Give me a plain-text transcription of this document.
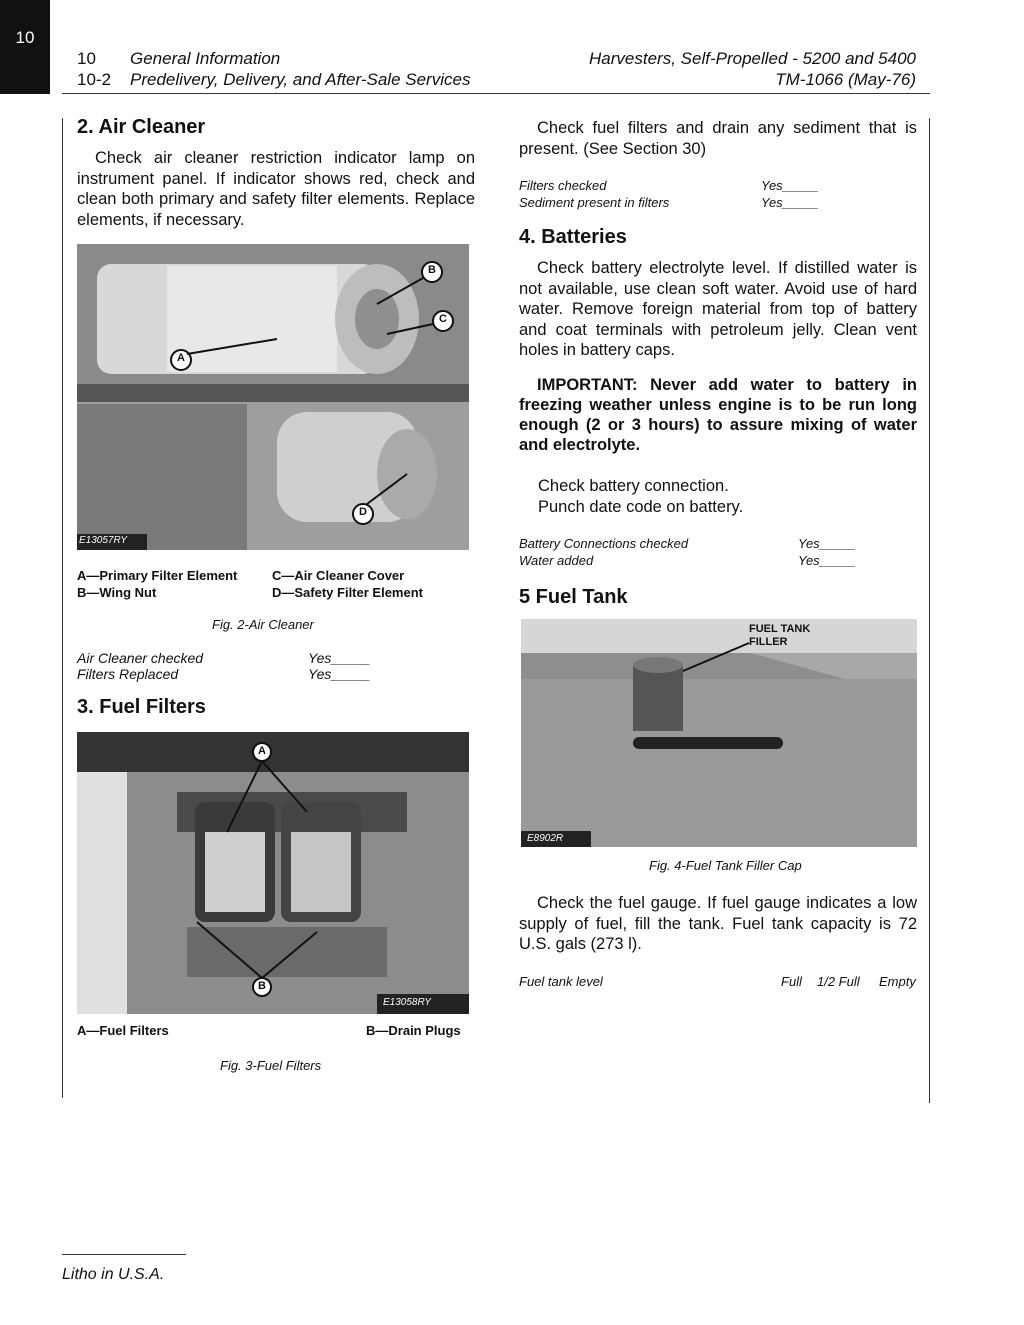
10
10 General Information
10-2 Predelivery, Delivery, and After-Sale Services
Harvesters, Self-Propelled - 5200 and 5400
TM-1066 (May-76)
2. Air Cleaner
Check air cleaner restriction indicator lamp on instrument panel. If indicator shows red, check and clean both primary and safety filter elements. Replace elements, if necessary.
B
C
A
D
E13057RY
A—Primary Filter Element
B—Wing Nut
C—Air Cleaner Cover
D—Safety Filter Element
Fig. 2-Air Cleaner
Air Cleaner checked	Yes_____
Filters Replaced	Yes_____
3. Fuel Filters
A
B
E13058RY
A—Fuel Filters	B—Drain Plugs
Fig. 3-Fuel Filters
Check fuel filters and drain any sediment that is present. (See Section 30)
Filters checked	Yes_____
Sediment present in filters	Yes_____
4. Batteries
Check battery electrolyte level. If distilled water is not available, use clean soft water. Avoid use of hard water. Remove foreign material from top of battery and coat terminals with petroleum jelly. Clean vent holes in battery caps.
IMPORTANT: Never add water to battery in freezing weather unless engine is to be run long enough (2 or 3 hours) to assure mixing of water and electrolyte.
Check battery connection.
Punch date code on battery.
Battery Connections checked	Yes_____
Water added	Yes_____
5 Fuel Tank
FUEL TANK FILLER
E8902R
Fig. 4-Fuel Tank Filler Cap
Check the fuel gauge. If fuel gauge indicates a low supply of fuel, fill the tank. Fuel tank capacity is 72 U.S. gals (273 l).
Fuel tank level	Full 1/2 Full Empty
Litho in U.S.A.
